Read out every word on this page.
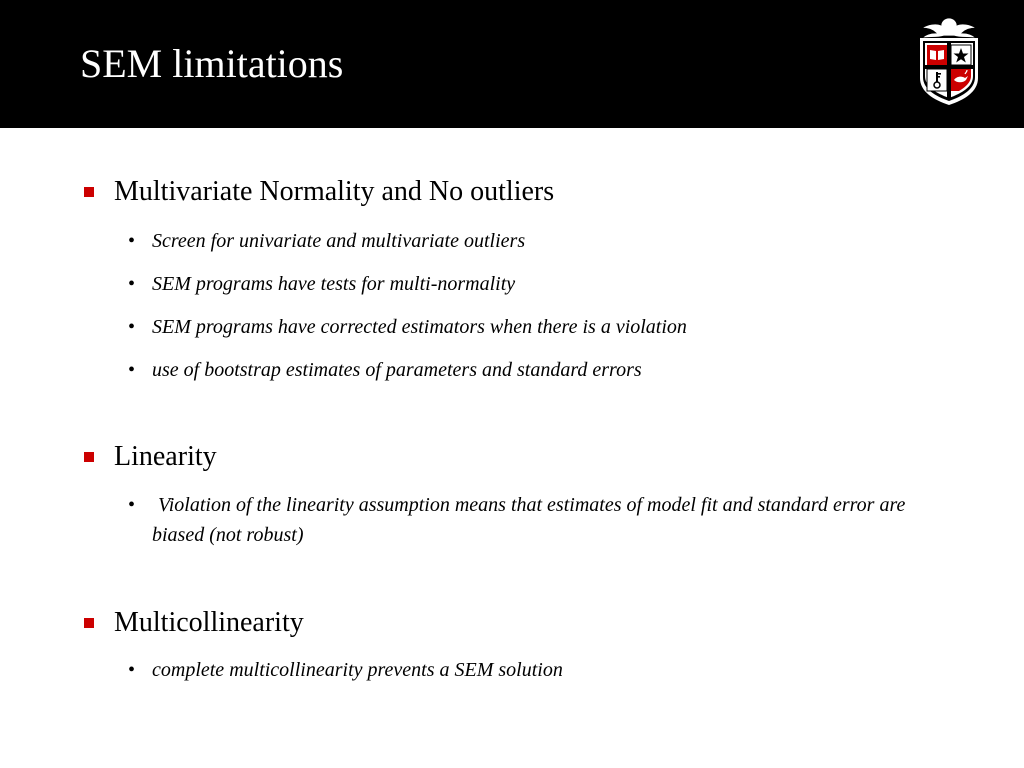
SEM limitations
Multivariate Normality and No outliers
• Screen for univariate and multivariate outliers
• SEM programs have tests for multi-normality
• SEM programs have corrected estimators when there is a violation
• use of bootstrap estimates of parameters and standard errors
Linearity
•	Violation of the linearity assumption means that estimates of model fit and standard error are biased (not robust)
Multicollinearity
• complete multicollinearity prevents a SEM solution
